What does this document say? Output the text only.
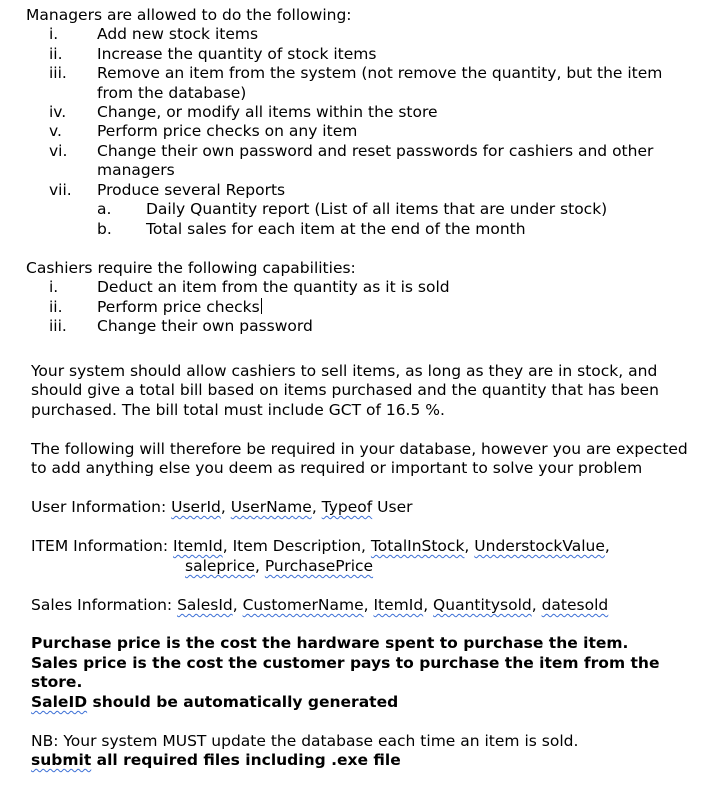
Managers are allowed to do the following:
i.	Add new stock items
ii. Increase the quantity of stock items
iii. Remove an item from the system (not remove the quantity, but the item
from the database)
iv. Change, or modify all items within the store
v. Perform price checks on any item
vi. Change their own password and reset passwords for cashiers and other
managers
vii. Produce several Reports
a. Daily Quantity report (List of all items that are under stock)
b. Total sales for each item at the end of the month
Cashiers require the following capabilities:
i.	Deduct an item from the quantity as it is sold
ii. Perform price checks
iii. Change their own password
Your system should allow cashiers to sell items, as long as they are in stock, and
should give a total bill based on items purchased and the quantity that has been
purchased. The bill total must include GCT of 16.5 %.
The following will therefore be required in your database, however you are expected
to add anything else you deem as required or important to solve your problem
User Information: UserId, UserName, Typeof User
ITEM Information: ItemId, Item Description, TotalInStock, UnderstockValue,
saleprice, PurchasePrice
Sales Information: SalesId, CustomerName, ItemId, Quantitysold, datesold
Purchase price is the cost the hardware spent to purchase the item.
Sales price is the cost the customer pays to purchase the item from the
store.
SaleID should be automatically generated
NB: Your system MUST update the database each time an item is sold.
submit all required files including .exe file
